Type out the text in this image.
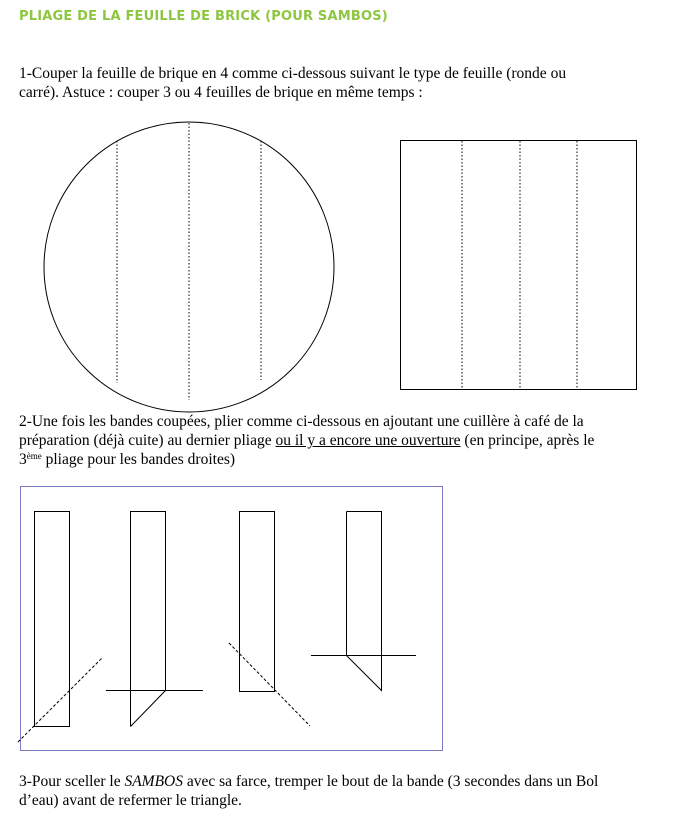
PLIAGE DE LA FEUILLE DE BRICK (POUR SAMBOS)
1-Couper la feuille de brique en 4 comme ci-dessous suivant le type de feuille (ronde ou
carré). Astuce : couper 3 ou 4 feuilles de brique en même temps :
2-Une fois les bandes coupées, plier comme ci-dessous en ajoutant une cuillère à café de la
préparation (déjà cuite) au dernier pliage ou il y a encore une ouverture (en principe, après le
3ème pliage pour les bandes droites)
3-Pour sceller le SAMBOS avec sa farce, tremper le bout de la bande (3 secondes dans un Bol
d’eau) avant de refermer le triangle.
